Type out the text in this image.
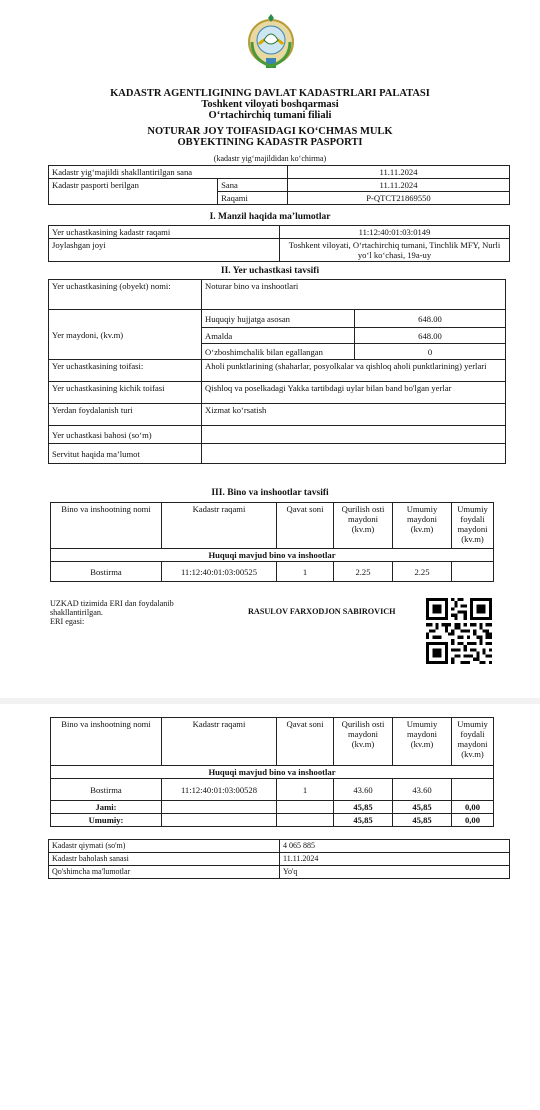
KADASTR AGENTLIGINING DAVLAT KADASTRLARI PALATASI
Toshkent viloyati boshqarmasi
O‘rtachirchiq tumani filiali
NOTURAR JOY TOIFASIDAGI KO‘CHMAS MULK
OBYEKTINING KADASTR PASPORTI
(kadastr yig‘majildidan ko‘chirma)
Kadastr yig‘majildi shakllantirilgan sana		11.11.2024
Kadastr pasporti berilgan	Sana	11.11.2024
	Raqami	P-QTCT21869550
I. Manzil haqida ma’lumotlar
Yer uchastkasining kadastr raqami	11:12:40:01:03:0149
Joylashgan joyi	Toshkent viloyati, O‘rtachirchiq tumani, Tinchlik MFY, Nurli yo‘l ko‘chasi, 19a-uy
II. Yer uchastkasi tavsifi
Yer uchastkasining (obyekt) nomi:	Noturar bino va inshootlari	
Yer maydoni, (kv.m)	Huquqiy hujjatga asosan	648.00
	Amalda	648.00
	O‘zboshimchalik bilan egallangan	0
Yer uchastkasining toifasi:	Aholi punktlarining (shaharlar, posyolkalar va qishloq aholi punktlarining) yerlari	
Yer uchastkasining kichik toifasi	Qishloq va poselkadagi Yakka tartibdagi uylar bilan band bo'lgan yerlar	
Yerdan foydalanish turi	Xizmat ko‘rsatish	
Yer uchastkasi bahosi (so‘m)		
Servitut haqida ma’lumot		
III. Bino va inshootlar tavsifi
Bino va inshootning nomi	Kadastr raqami	Qavat soni	Qurilish osti maydoni (kv.m)	Umumiy maydoni (kv.m)	Umumiy foydali maydoni (kv.m)
Huquqi mavjud bino va inshootlar					
Bostirma	11:12:40:01:03:00525	1	2.25	2.25	
UZKAD tizimida ERI dan foydalanib
shakllantirilgan.
ERI egasi:
RASULOV FARXODJON SABIROVICH
Bino va inshootning nomi	Kadastr raqami	Qavat soni	Qurilish osti maydoni (kv.m)	Umumiy maydoni (kv.m)	Umumiy foydali maydoni (kv.m)
Huquqi mavjud bino va inshootlar					
Bostirma	11:12:40:01:03:00528	1	43.60	43.60	
Jami:			45,85	45,85	0,00
Umumiy:			45,85	45,85	0,00
Kadastr qiymati (so'm)	4 065 885
Kadastr baholash sanasi	11.11.2024
Qo'shimcha ma'lumotlar	Yo'q
